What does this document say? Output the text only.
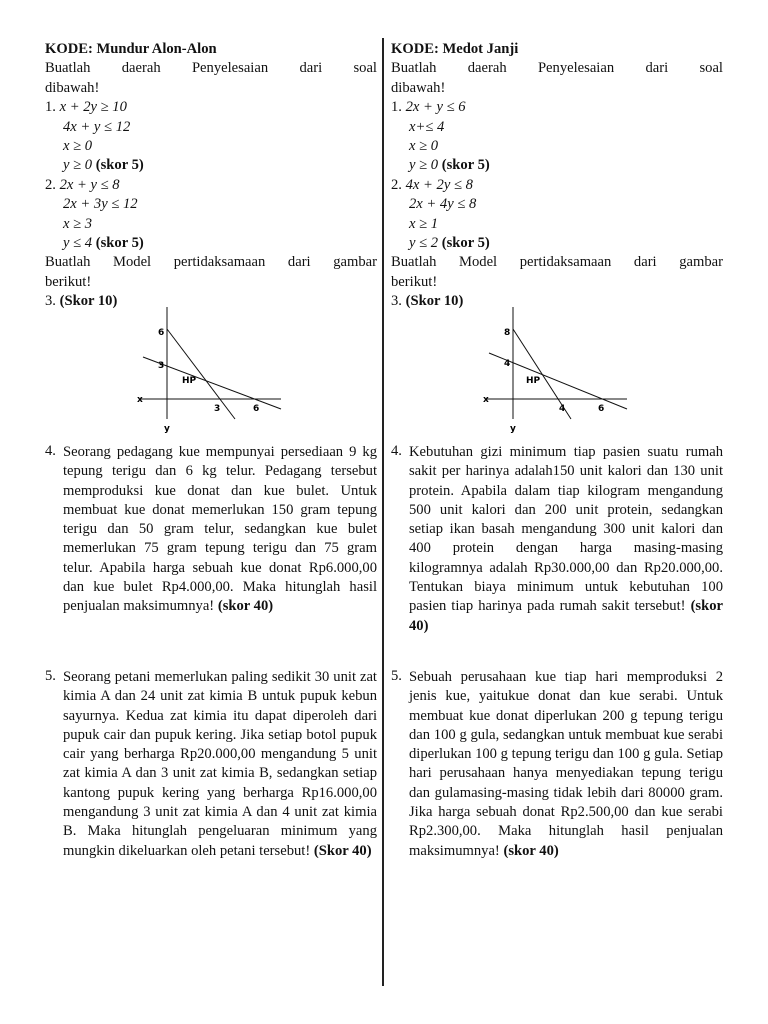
KODE: Mundur Alon-Alon
Buatlah daerah Penyelesaian dari soal
dibawah!
1. x + 2y ≥ 10
4x + y ≤ 12
x ≥ 0
y ≥ 0 (skor 5)
2. 2x + y ≤ 8
2x + 3y ≤ 12
x ≥ 3
y ≤ 4 (skor 5)
Buatlah Model pertidaksamaan dari gambar
berikut!
3. (Skor 10)
6
3
HP
3	6
x
y
4. Seorang pedagang kue mempunyai persediaan 9 kg tepung terigu dan 6 kg telur. Pedagang tersebut memproduksi kue donat dan kue bulet. Untuk membuat kue donat memerlukan 150 gram tepung terigu dan 50 gram telur, sedangkan kue bulet memerlukan 75 gram tepung terigu dan 75 gram telur. Apabila harga sebuah kue donat Rp6.000,00 dan kue bulet Rp4.000,00. Maka hitunglah hasil penjualan maksimumnya! (skor 40)
5. Seorang petani memerlukan paling sedikit 30 unit zat kimia A dan 24 unit zat kimia B untuk pupuk kebun sayurnya. Kedua zat kimia itu dapat diperoleh dari pupuk cair dan pupuk kering. Jika setiap botol pupuk cair yang berharga Rp20.000,00 mengandung 5 unit zat kimia A dan 3 unit zat kimia B, sedangkan setiap kantong pupuk kering yang berharga Rp16.000,00 mengandung 3 unit zat kimia A dan 4 unit zat kimia B. Maka hitunglah pengeluaran minimum yang mungkin dikeluarkan oleh petani tersebut! (Skor 40)
KODE: Medot Janji
Buatlah daerah Penyelesaian dari soal
dibawah!
1. 2x + y ≤ 6
x+≤ 4
x ≥ 0
y ≥ 0 (skor 5)
2. 4x + 2y ≤ 8
2x + 4y ≤ 8
x ≥ 1
y ≤ 2 (skor 5)
Buatlah Model pertidaksamaan dari gambar
berikut!
3. (Skor 10)
8
4
HP
4	6
x
y
4. Kebutuhan gizi minimum tiap pasien suatu rumah sakit per harinya adalah150 unit kalori dan 130 unit protein. Apabila dalam tiap kilogram mengandung 500 unit kalori dan 200 unit protein, sedangkan setiap ikan basah mengandung 300 unit kalori dan 400 protein dengan harga masing-masing kilogramnya adalah Rp30.000,00 dan Rp20.000,00. Tentukan biaya minimum untuk kebutuhan 100 pasien tiap harinya pada rumah sakit tersebut! (skor 40)
5. Sebuah perusahaan kue tiap hari memproduksi 2 jenis kue, yaitukue donat dan kue serabi. Untuk membuat kue donat diperlukan 200 g tepung terigu dan 100 g gula, sedangkan untuk membuat kue serabi diperlukan 100 g tepung terigu dan 100 g gula. Setiap hari perusahaan hanya menyediakan tepung terigu dan gulamasing-masing tidak lebih dari 80000 gram. Jika harga sebuah donat Rp2.500,00 dan kue serabi Rp2.300,00. Maka hitunglah hasil penjualan maksimumnya! (skor 40)
